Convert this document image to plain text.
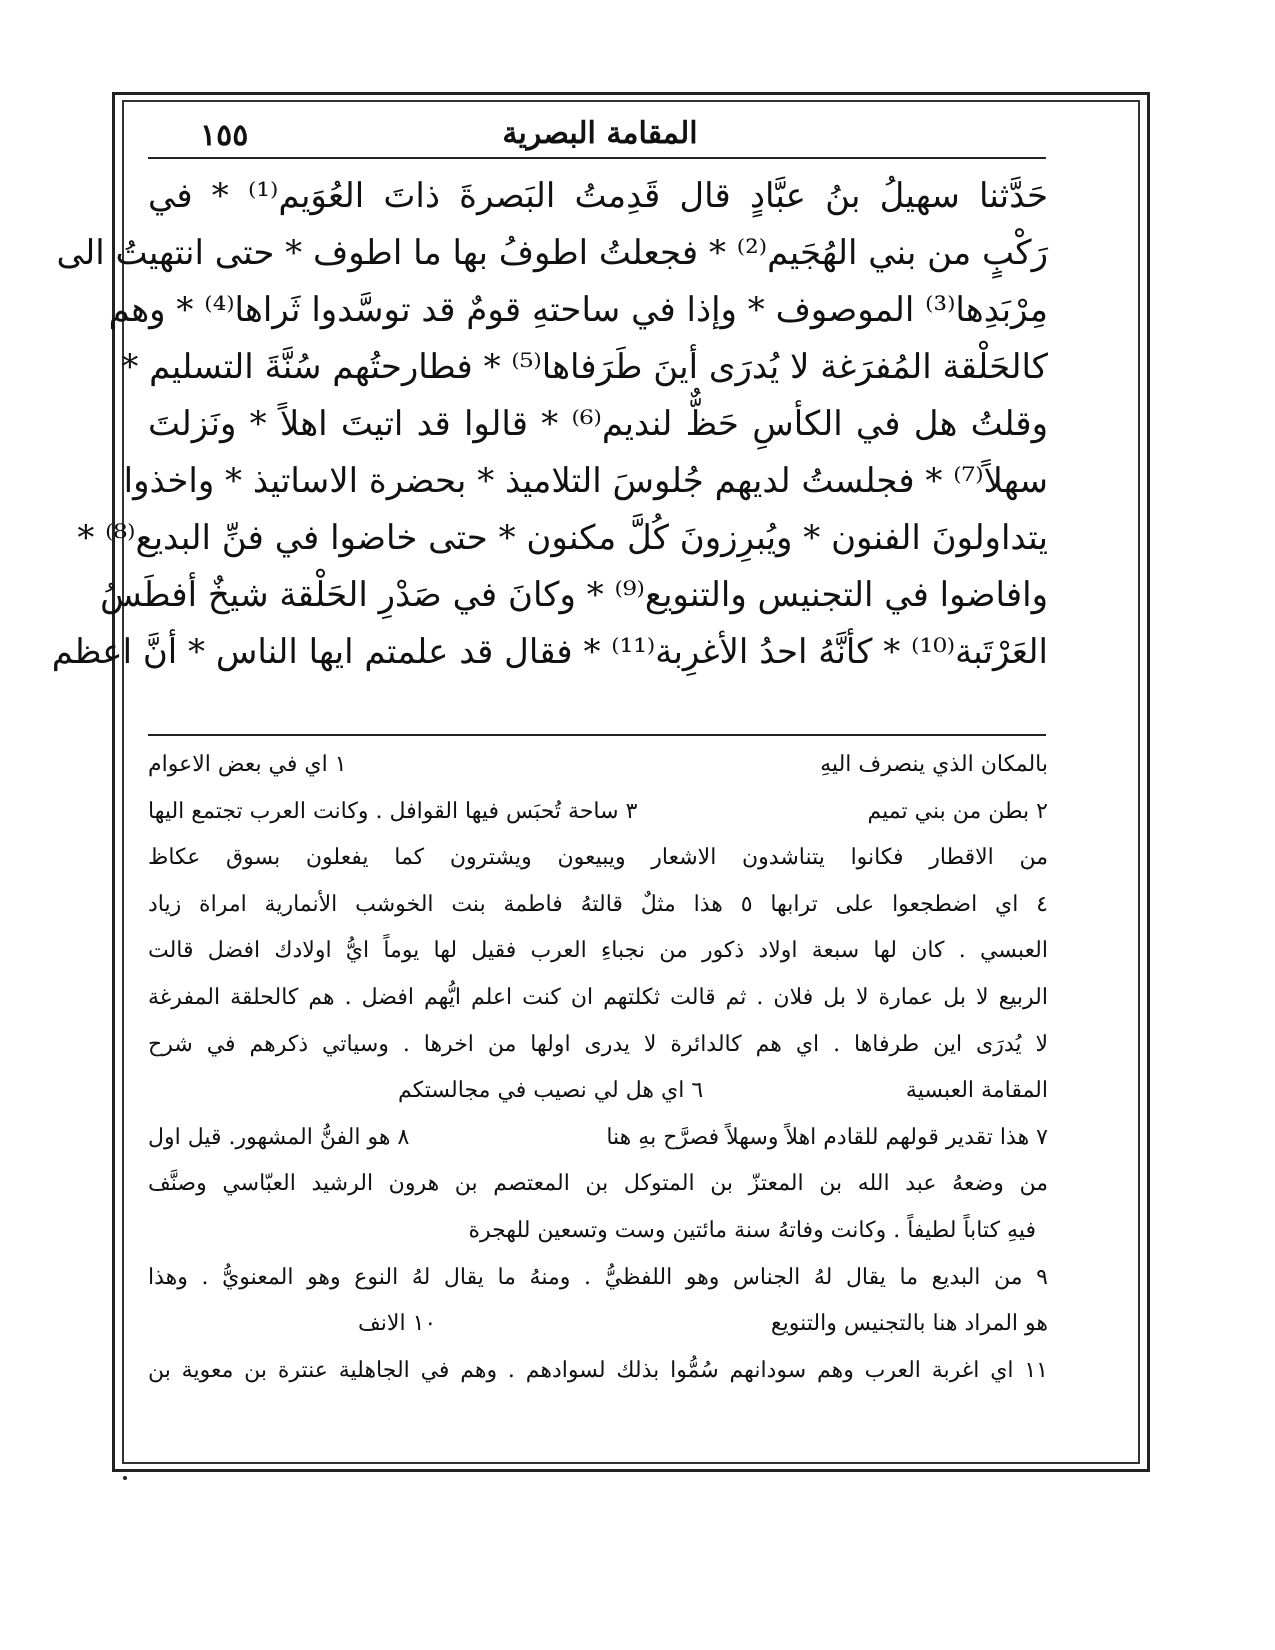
١٥٥	المقامة البصرية
حَدَّثنا سهيلُ بنُ عبَّادٍ قال قَدِمتُ البَصرةَ ذاتَ العُوَيم⁽¹⁾ * في
رَكْبٍ من بني الهُجَيم⁽²⁾ * فجعلتُ اطوفُ بها ما اطوف * حتى انتهيتُ الى
مِرْبَدِها⁽³⁾ الموصوف * وإذا في ساحتهِ قومٌ قد توسَّدوا ثَراها⁽⁴⁾ * وهم
كالحَلْقة المُفرَغة لا يُدرَى أينَ طَرَفاها⁽⁵⁾ * فطارحتُهم سُنَّةَ التسليم *
وقلتُ هل في الكأسِ حَظٌّ لنديم⁽⁶⁾ * قالوا قد اتيتَ اهلاً * ونَزلتَ
سهلاً⁽⁷⁾ * فجلستُ لديهم جُلوسَ التلاميذ * بحضرة الاساتيذ * واخذوا
يتداولونَ الفنون * ويُبرِزونَ كُلَّ مكنون * حتى خاضوا في فنِّ البديع⁽⁸⁾ *
وافاضوا في التجنيس والتنويع⁽⁹⁾ * وكانَ في صَدْرِ الحَلْقة شيخٌ أفطَسُ
العَرْتَبة⁽¹⁰⁾ * كأنَّهُ احدُ الأغرِبة⁽¹¹⁾ * فقال قد علمتم ايها الناس * أنَّ اعظم
بالمكان الذي ينصرف اليهِ
١ اي في بعض الاعوام
٢ بطن من بني تميم
٣ ساحة تُحبَس فيها القوافل . وكانت العرب تجتمع اليها
من الاقطار فكانوا يتناشدون الاشعار ويبيعون ويشترون كما يفعلون بسوق عكاظ
٤ اي اضطجعوا على ترابها ٥ هذا مثلٌ قالتهُ فاطمة بنت الخوشب الأنمارية امراة زياد
العبسي . كان لها سبعة اولاد ذكور من نجباءِ العرب فقيل لها يوماً ايُّ اولادك افضل قالت
الربيع لا بل عمارة لا بل فلان . ثم قالت ثكلتهم ان كنت اعلم ايُّهم افضل . هم كالحلقة المفرغة
لا يُدرَى اين طرفاها . اي هم كالدائرة لا يدرى اولها من اخرها . وسياتي ذكرهم في شرح
المقامة العبسية
٦ اي هل لي نصيب في مجالستكم
٧ هذا تقدير قولهم للقادم اهلاً وسهلاً فصرَّح بهِ هنا
٨ هو الفنُّ المشهور. قيل اول
من وضعهُ عبد الله بن المعتزّ بن المتوكل بن المعتصم بن هرون الرشيد العبّاسي وصنَّف
فيهِ كتاباً لطيفاً . وكانت وفاتهُ سنة مائتين وست وتسعين للهجرة
٩ من البديع ما يقال لهُ الجناس وهو اللفظيُّ . ومنهُ ما يقال لهُ النوع وهو المعنويُّ . وهذا
هو المراد هنا بالتجنيس والتنويع
١٠ الانف
١١ اي اغربة العرب وهم سودانهم سُمُّوا بذلك لسوادهم . وهم في الجاهلية عنترة بن معوية بن
